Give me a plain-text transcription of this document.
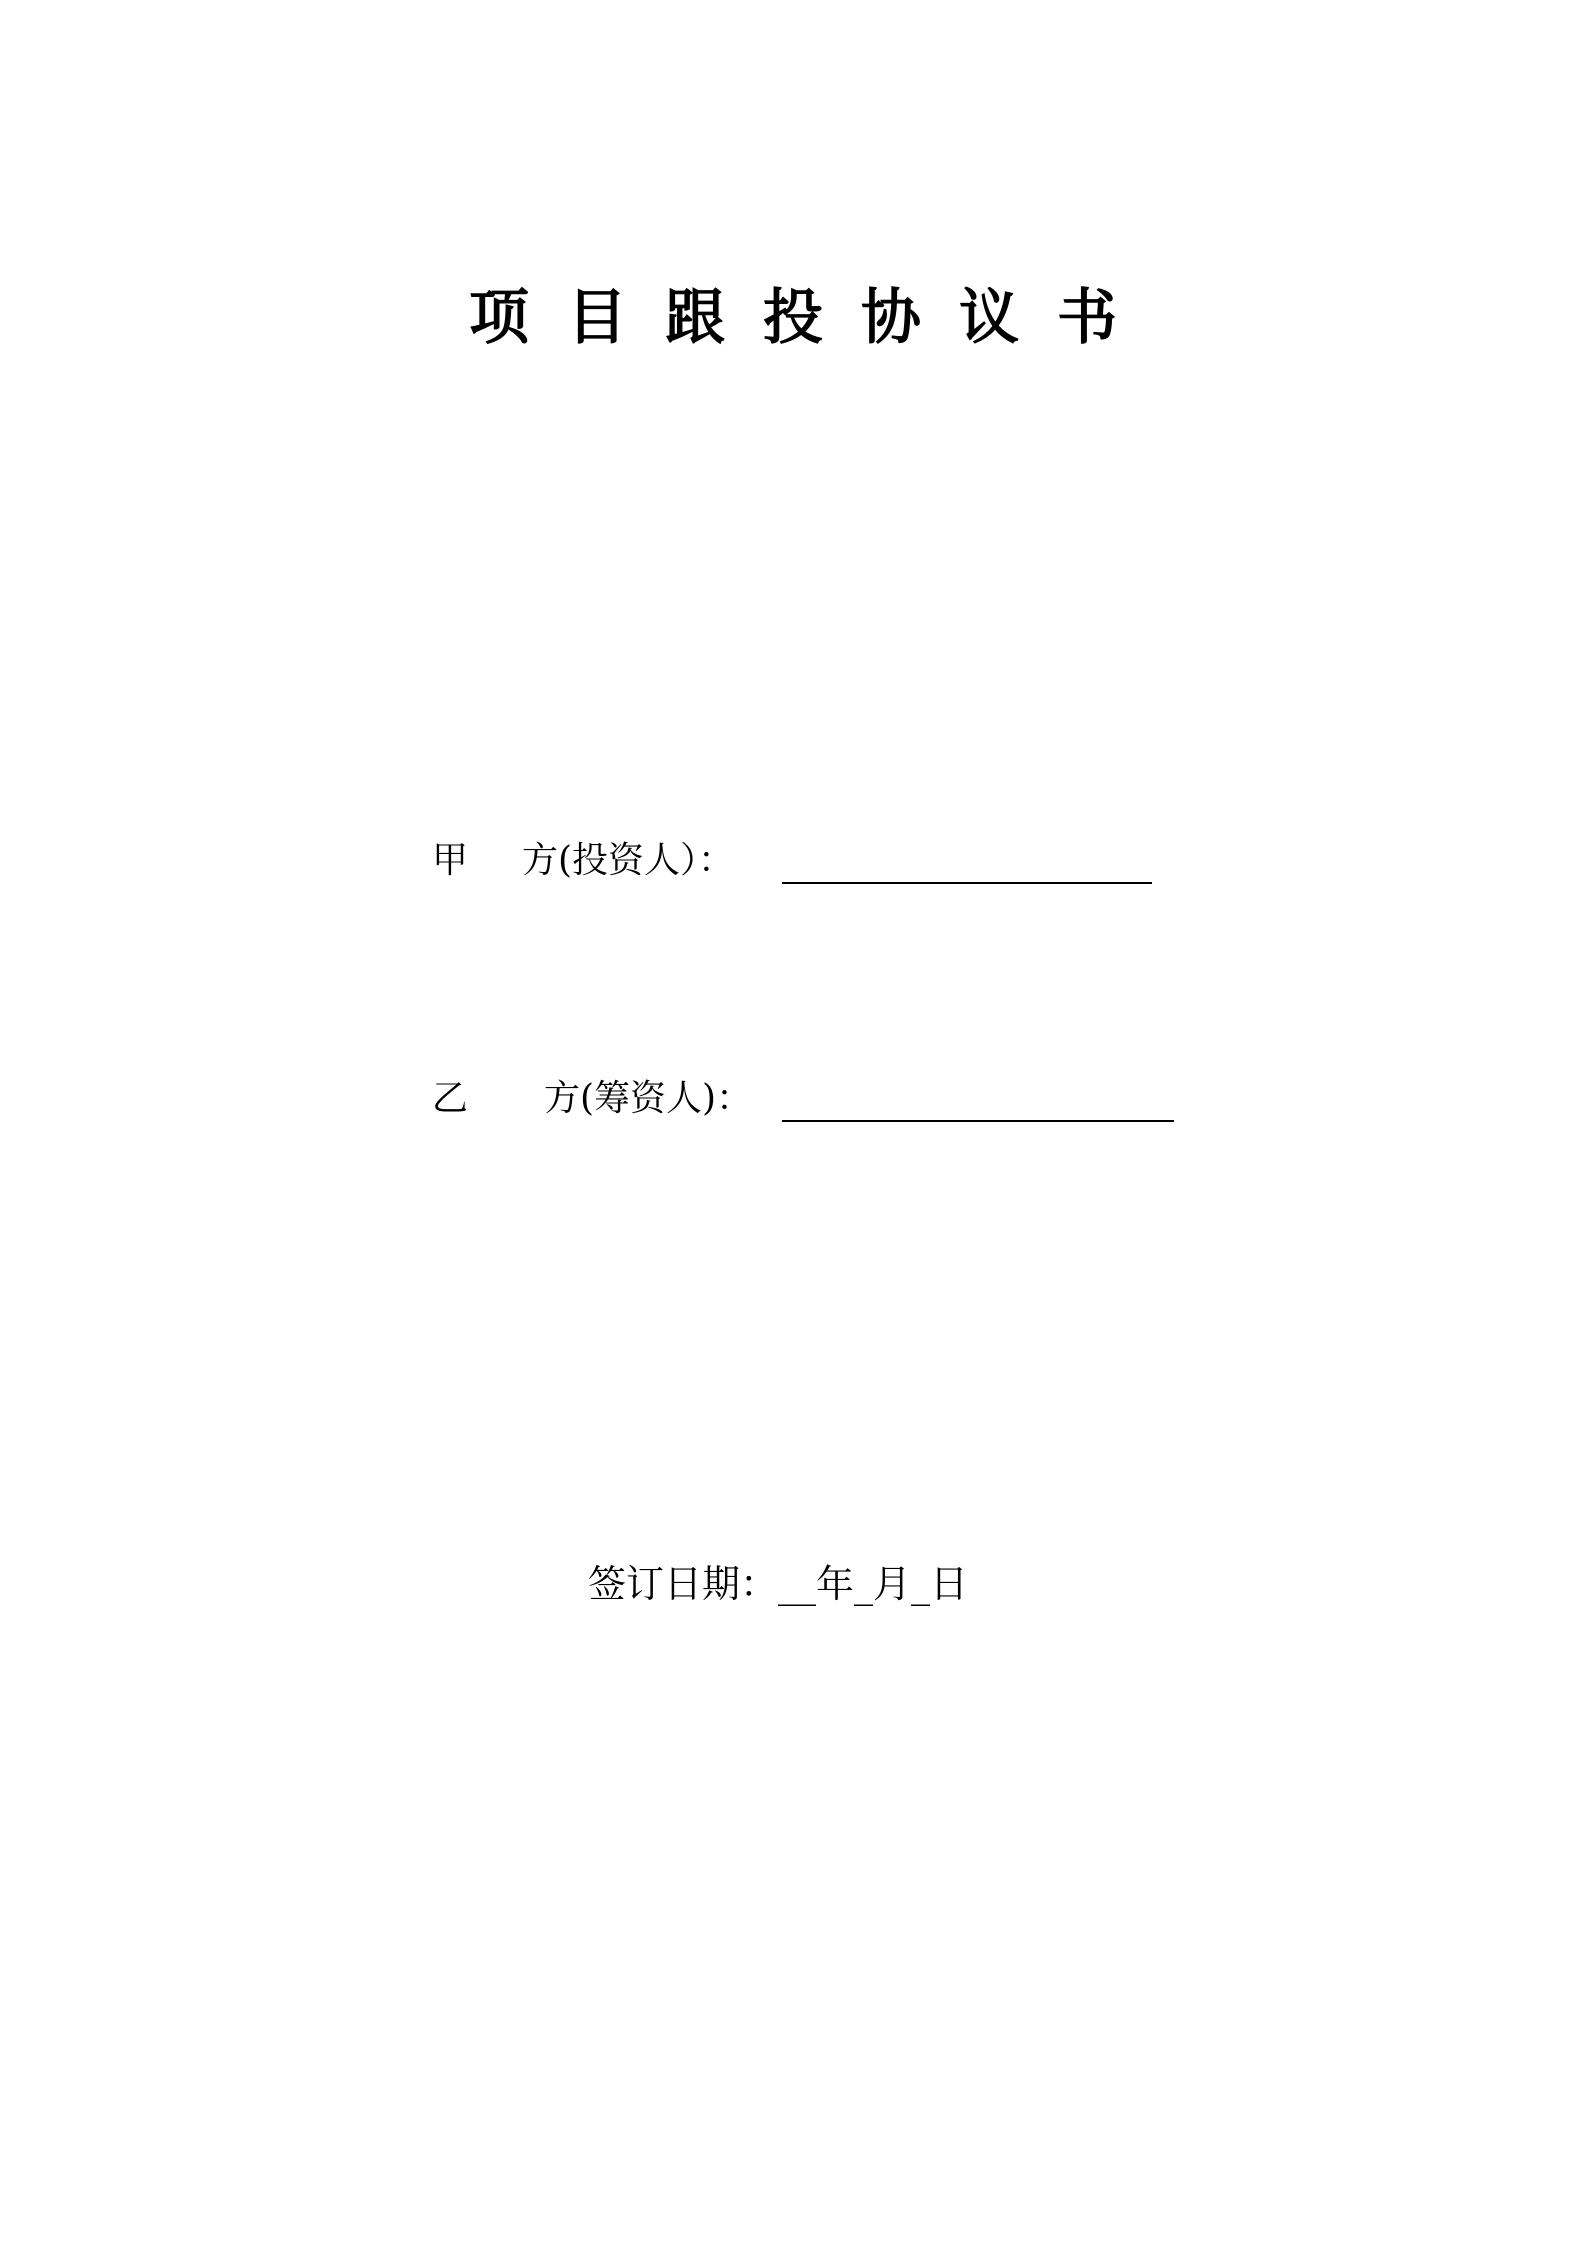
项目跟投协议书
甲 方(投资人）：
乙 方(筹资人)：
签订日期：__年_月_日
